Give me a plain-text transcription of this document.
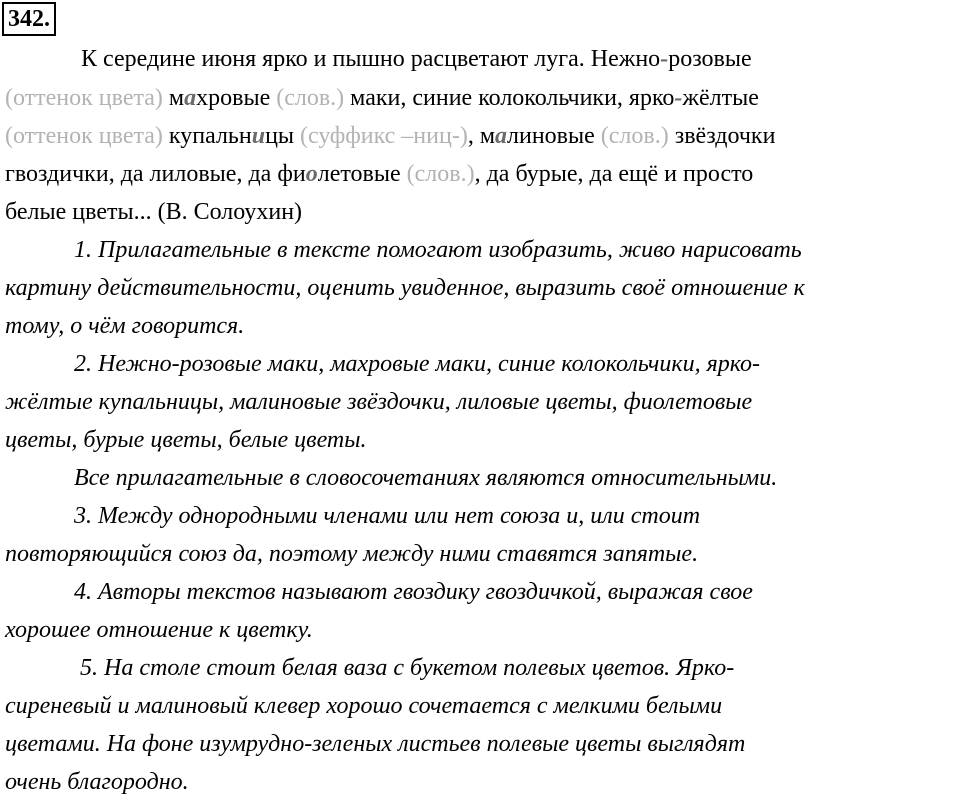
342.
К середине июня ярко и пышно расцветают луга. Нежно-розовые
(оттенок цвета) махровые (слов.) маки, синие колокольчики, ярко-жёлтые
(оттенок цвета) купальницы (суффикс –ниц-), малиновые (слов.) звёздочки
гвоздички, да лиловые, да фиолетовые (слов.), да бурые, да ещё и просто
белые цветы... (В. Солоухин)
1. Прилагательные в тексте помогают изобразить, живо нарисовать
картину действительности, оценить увиденное, выразить своё отношение к
тому, о чём говорится.
2. Нежно-розовые маки, махровые маки, синие колокольчики, ярко-
жёлтые купальницы, малиновые звёздочки, лиловые цветы, фиолетовые
цветы, бурые цветы, белые цветы.
Все прилагательные в словосочетаниях являются относительными.
3. Между однородными членами или нет союза и, или стоит
повторяющийся союз да, поэтому между ними ставятся запятые.
4. Авторы текстов называют гвоздику гвоздичкой, выражая свое
хорошее отношение к цветку.
5. На столе стоит белая ваза с букетом полевых цветов. Ярко-
сиреневый и малиновый клевер хорошо сочетается с мелкими белыми
цветами. На фоне изумрудно-зеленых листьев полевые цветы выглядят
очень благородно.
